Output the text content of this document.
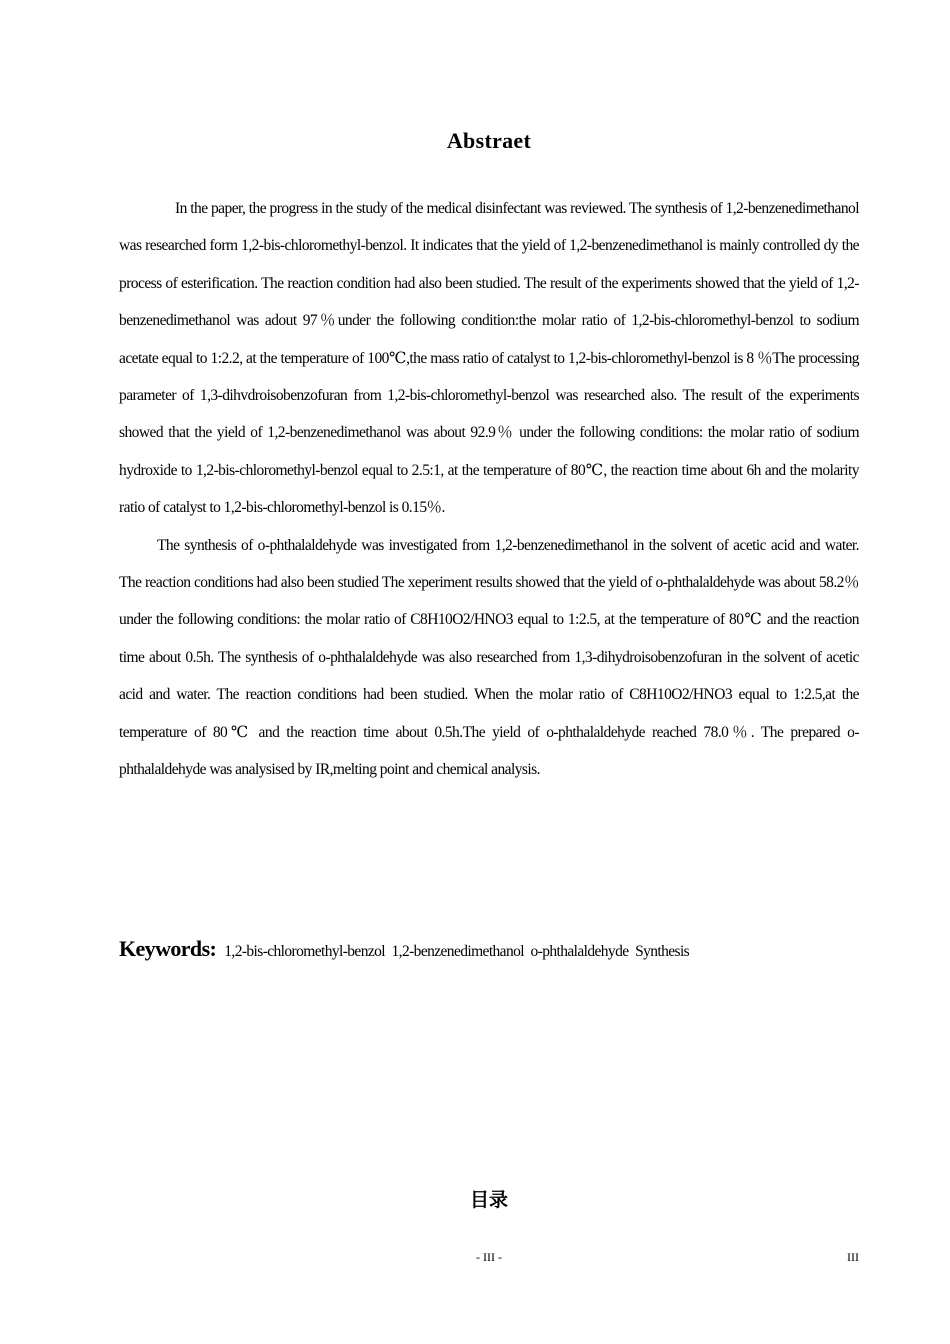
Abstraet

In the paper, the progress in the study of the medical disinfectant was reviewed. The synthesis of 1,2-benzenedimethanol was researched form 1,2-bis-chloromethyl-benzol. It indicates that the yield of 1,2-benzenedimethanol is mainly controlled dy the process of esterification. The reaction condition had also been studied. The result of the experiments showed that the yield of 1,2-benzenedimethanol was adout 97％under the following condition:the molar ratio of 1,2-bis-chloromethyl-benzol to sodium acetate equal to 1:2.2, at the temperature of 100℃,the mass ratio of catalyst to 1,2-bis-chloromethyl-benzol is 8 ％The processing parameter of 1,3-dihvdroisobenzofuran from 1,2-bis-chloromethyl-benzol was researched also. The result of the experiments showed that the yield of 1,2-benzenedimethanol was about 92.9％ under the following conditions: the molar ratio of sodium hydroxide to 1,2-bis-chloromethyl-benzol equal to 2.5:1, at the temperature of 80℃, the reaction time about 6h and the molarity ratio of catalyst to 1,2-bis-chloromethyl-benzol is 0.15％.

The synthesis of o-phthalaldehyde was investigated from 1,2-benzenedimethanol in the solvent of acetic acid and water. The reaction conditions had also been studied The xeperiment results showed that the yield of o-phthalaldehyde was about 58.2％ under the following conditions: the molar ratio of C8H10O2/HNO3 equal to 1:2.5, at the temperature of 80℃ and the reaction time about 0.5h. The synthesis of o-phthalaldehyde was also researched from 1,3-dihydroisobenzofuran in the solvent of acetic acid and water. The reaction conditions had been studied. When the molar ratio of C8H10O2/HNO3 equal to 1:2.5,at the temperature of 80℃ and the reaction time about 0.5h.The yield of o-phthalaldehyde reached 78.0％. The prepared o-phthalaldehyde was analysised by IR,melting point and chemical analysis.

Keywords: 1,2-bis-chloromethyl-benzol  1,2-benzenedimethanol  o-phthalaldehyde  Synthesis
目录
- III -	III
